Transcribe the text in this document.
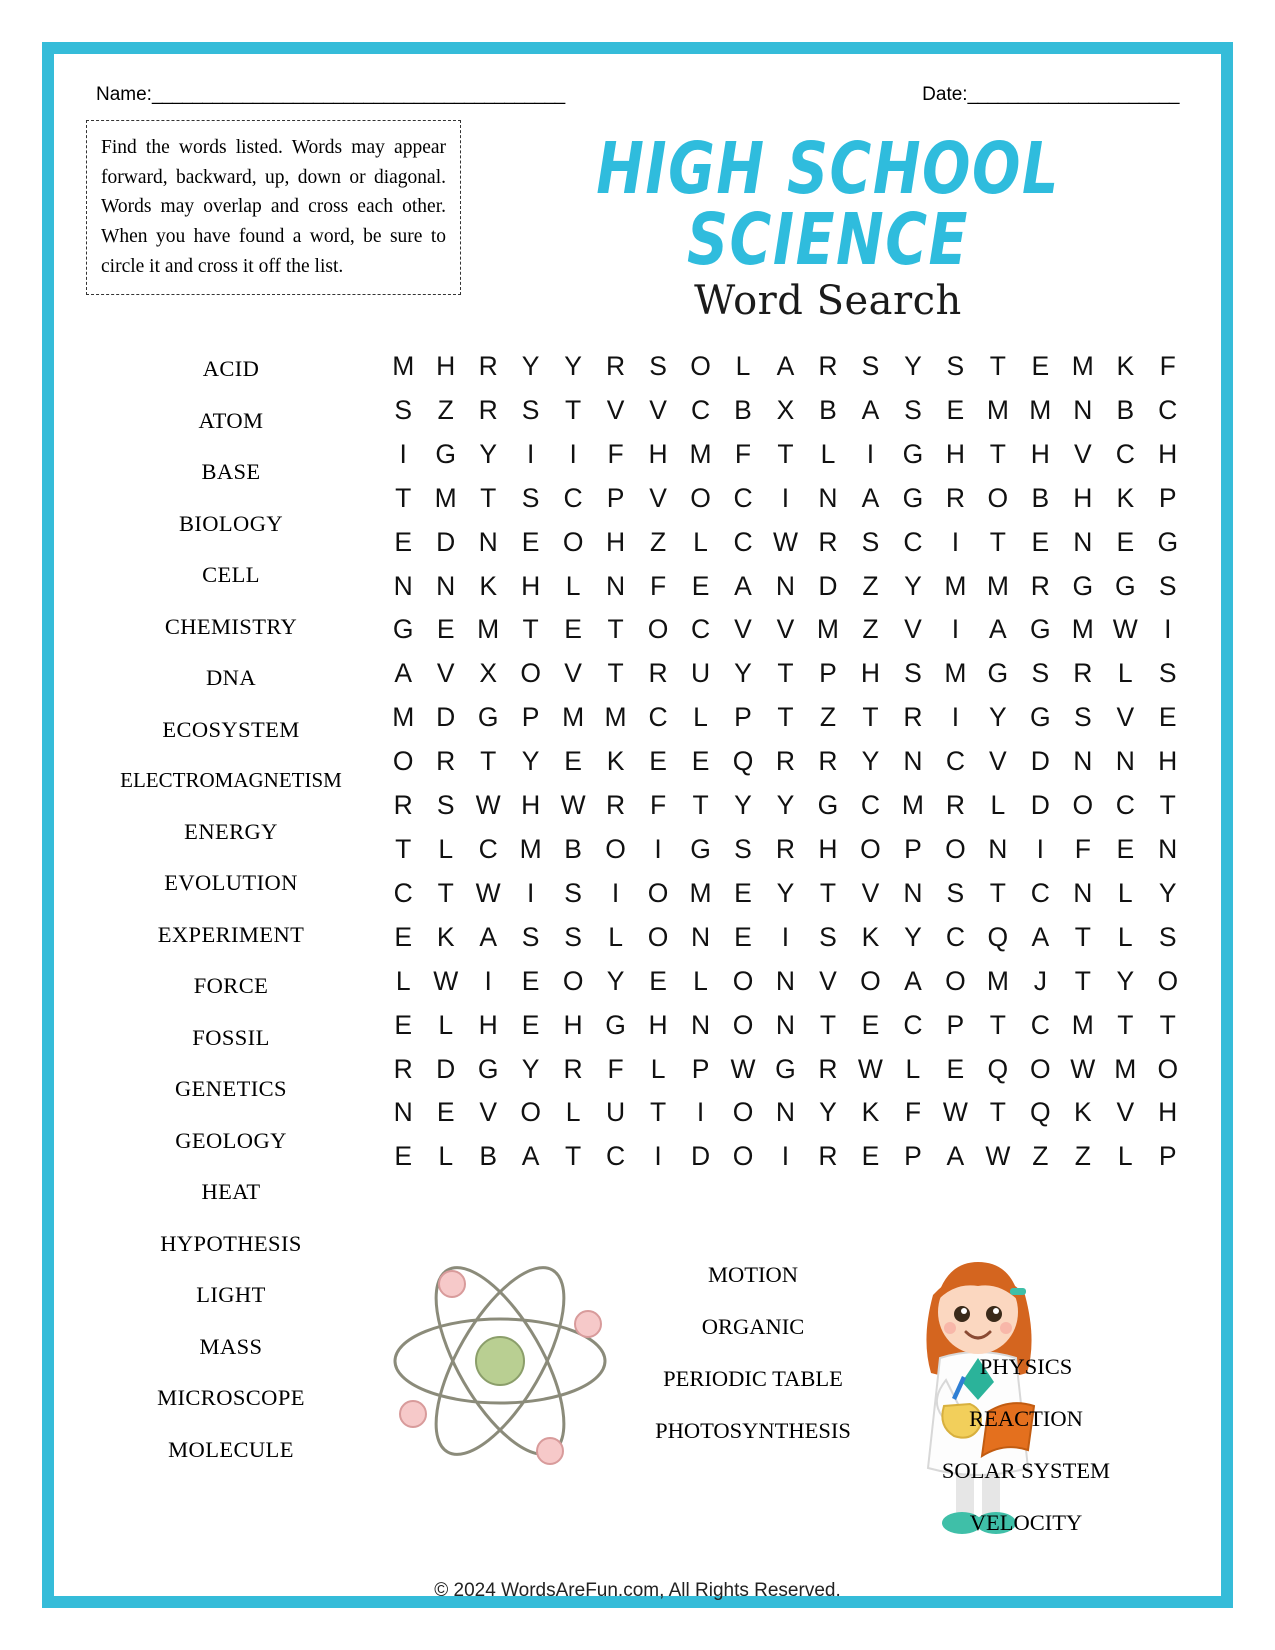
Name:_________________________________________	Date:_____________________
Find the words listed. Words may appear forward, backward, up, down or diagonal. Words may overlap and cross each other. When you have found a word, be sure to circle it and cross it off the list.
HIGH SCHOOL SCIENCE
Word Search
ACID
ATOM
BASE
BIOLOGY
CELL
CHEMISTRY
DNA
ECOSYSTEM
ELECTROMAGNETISM
ENERGY
EVOLUTION
EXPERIMENT
FORCE
FOSSIL
GENETICS
GEOLOGY
HEAT
HYPOTHESIS
LIGHT
MASS
MICROSCOPE
MOLECULE
M H R Y Y R S O L A R S Y S T E M K F
S Z R S T V V C B X B A S E M M N B C
I	G Y	I	I	F H M F T	L	I	G H T H V C H
T M T S C P V O C	I	N A G R O B H K P
E D N E O H Z	L C W R S C	I	T E N E G
N N K H L N F E A N D Z Y M M R G G S
G E M T E T O C V V M Z V	I	A G M W I
A V X O V T R U Y T P H S M G S R L S
M D G P M M C L P T Z T R	I	Y G S V E
O R T Y E K E E Q R R Y N C V D N N H
R S W H W R F T Y Y G C M R L D O C T
T	L C M B O	I	G S R H O P O N	I	F E N
C T W I	S	I	O M E Y T V N S T C N L Y
E K A S S L O N E	I	S K Y C Q A T	L S
L W I	E O Y E L O N V O A O M J	T Y O
E L H E H G H N O N T E C P T C M T T
R D G Y R F	L P W G R W L E Q O W M O
N E V O L U T	I	O N Y K F W T Q K V H
E L B A T C	I	D O	I	R E P A W Z Z	L P
MOTION
ORGANIC
PERIODIC TABLE
PHOTOSYNTHESIS
PHYSICS
REACTION
SOLAR SYSTEM
VELOCITY
© 2024 WordsAreFun.com, All Rights Reserved.
